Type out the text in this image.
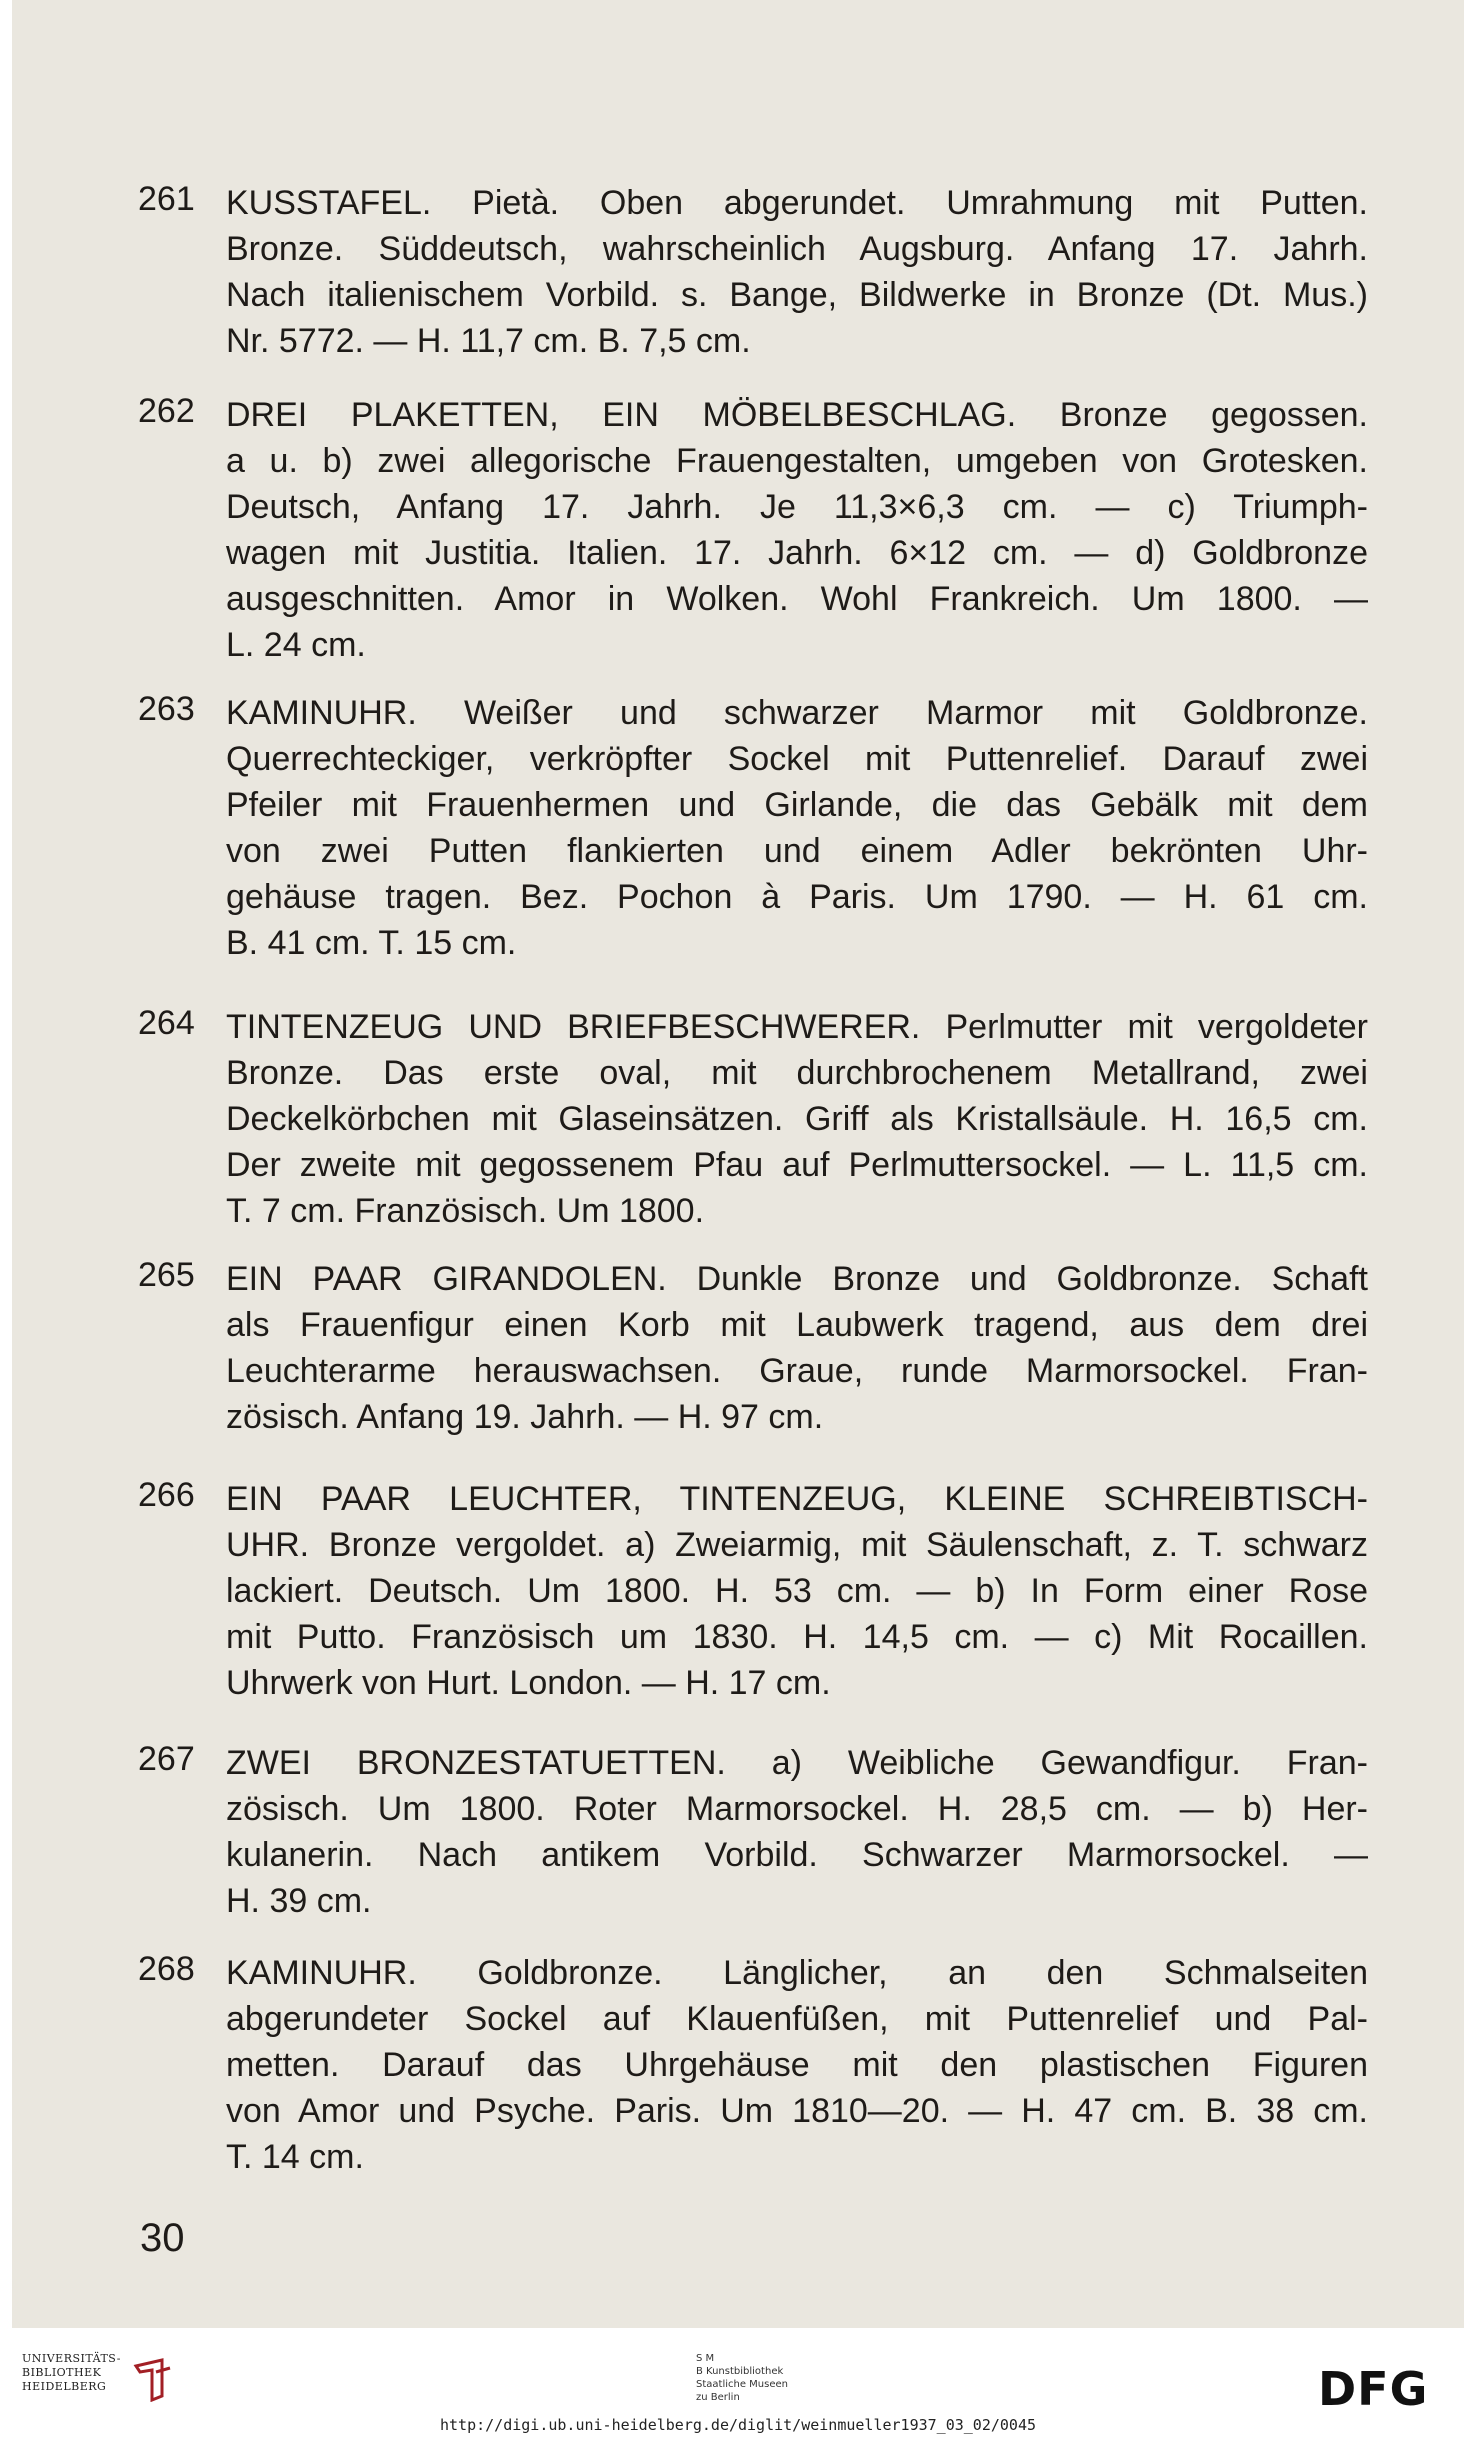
261 KUSSTAFEL. Pietà. Oben abgerundet. Umrahmung mit Putten.
Bronze. Süddeutsch, wahrscheinlich Augsburg. Anfang 17. Jahrh.
Nach italienischem Vorbild. s. Bange, Bildwerke in Bronze (Dt. Mus.)
Nr. 5772. — H. 11,7 cm. B. 7,5 cm.
262 DREI PLAKETTEN, EIN MÖBELBESCHLAG. Bronze gegossen.
a u. b) zwei allegorische Frauengestalten, umgeben von Grotesken.
Deutsch, Anfang 17. Jahrh. Je 11,3×6,3 cm. — c) Triumph-
wagen mit Justitia. Italien. 17. Jahrh. 6×12 cm. — d) Goldbronze
ausgeschnitten. Amor in Wolken. Wohl Frankreich. Um 1800. —
L. 24 cm.
263 KAMINUHR. Weißer und schwarzer Marmor mit Goldbronze.
Querrechteckiger, verkröpfter Sockel mit Puttenrelief. Darauf zwei
Pfeiler mit Frauenhermen und Girlande, die das Gebälk mit dem
von zwei Putten flankierten und einem Adler bekrönten Uhr-
gehäuse tragen. Bez. Pochon à Paris. Um 1790. — H. 61 cm.
B. 41 cm. T. 15 cm.
264 TINTENZEUG UND BRIEFBESCHWERER. Perlmutter mit vergoldeter
Bronze. Das erste oval, mit durchbrochenem Metallrand, zwei
Deckelkörbchen mit Glaseinsätzen. Griff als Kristallsäule. H. 16,5 cm.
Der zweite mit gegossenem Pfau auf Perlmuttersockel. — L. 11,5 cm.
T. 7 cm. Französisch. Um 1800.
265 EIN PAAR GIRANDOLEN. Dunkle Bronze und Goldbronze. Schaft
als Frauenfigur einen Korb mit Laubwerk tragend, aus dem drei
Leuchterarme herauswachsen. Graue, runde Marmorsockel. Fran-
zösisch. Anfang 19. Jahrh. — H. 97 cm.
266 EIN PAAR LEUCHTER, TINTENZEUG, KLEINE SCHREIBTISCH-
UHR. Bronze vergoldet. a) Zweiarmig, mit Säulenschaft, z. T. schwarz
lackiert. Deutsch. Um 1800. H. 53 cm. — b) In Form einer Rose
mit Putto. Französisch um 1830. H. 14,5 cm. — c) Mit Rocaillen.
Uhrwerk von Hurt. London. — H. 17 cm.
267 ZWEI BRONZESTATUETTEN. a) Weibliche Gewandfigur. Fran-
zösisch. Um 1800. Roter Marmorsockel. H. 28,5 cm. — b) Her-
kulanerin. Nach antikem Vorbild. Schwarzer Marmorsockel. —
H. 39 cm.
268 KAMINUHR. Goldbronze. Länglicher, an den Schmalseiten
abgerundeter Sockel auf Klauenfüßen, mit Puttenrelief und Pal-
metten. Darauf das Uhrgehäuse mit den plastischen Figuren
von Amor und Psyche. Paris. Um 1810—20. — H. 47 cm. B. 38 cm.
T. 14 cm.
30
UNIVERSITÄTS-
BIBLIOTHEK
HEIDELBERG
S M
B Kunstbibliothek
Staatliche Museen
zu Berlin	DFG
http://digi.ub.uni-heidelberg.de/diglit/weinmueller1937_03_02/0045
